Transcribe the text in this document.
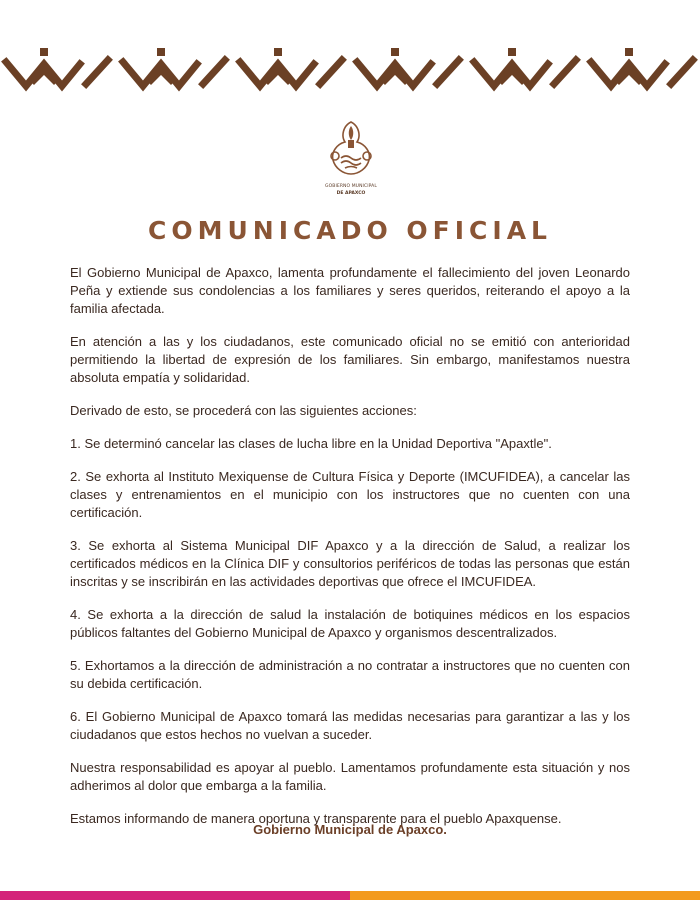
GOBIERNO MUNICIPAL
DE APAXCO
COMUNICADO OFICIAL

El Gobierno Municipal de Apaxco, lamenta profundamente el fallecimiento del joven Leonardo Peña y extiende sus condolencias a los familiares y seres queridos, reiterando el apoyo a la familia afectada.

En atención a las y los ciudadanos, este comunicado oficial no se emitió con anterioridad permitiendo la libertad de expresión de los familiares. Sin embargo, manifestamos nuestra absoluta empatía y solidaridad.

Derivado de esto, se procederá con las siguientes acciones:

1. Se determinó cancelar las clases de lucha libre en la Unidad Deportiva "Apaxtle".

2. Se exhorta al Instituto Mexiquense de Cultura Física y Deporte (IMCUFIDEA), a cancelar las clases y entrenamientos en el municipio con los instructores que no cuenten con una certificación.

3. Se exhorta al Sistema Municipal DIF Apaxco y a la dirección de Salud, a realizar los certificados médicos en la Clínica DIF y consultorios periféricos de todas las personas que están inscritas y se inscribirán en las actividades deportivas que ofrece el IMCUFIDEA.

4. Se exhorta a la dirección de salud la instalación de botiquines médicos en los espacios públicos faltantes del Gobierno Municipal de Apaxco y organismos descentralizados.

5. Exhortamos a la dirección de administración a no contratar a instructores que no cuenten con su debida certificación.

6. El Gobierno Municipal de Apaxco tomará las medidas necesarias para garantizar a las y los ciudadanos que estos hechos no vuelvan a suceder.

Nuestra responsabilidad es apoyar al pueblo. Lamentamos profundamente esta situación y nos adherimos al dolor que embarga a la familia.

Estamos informando de manera oportuna y transparente para el pueblo Apaxquense.

Gobierno Municipal de Apaxco.
